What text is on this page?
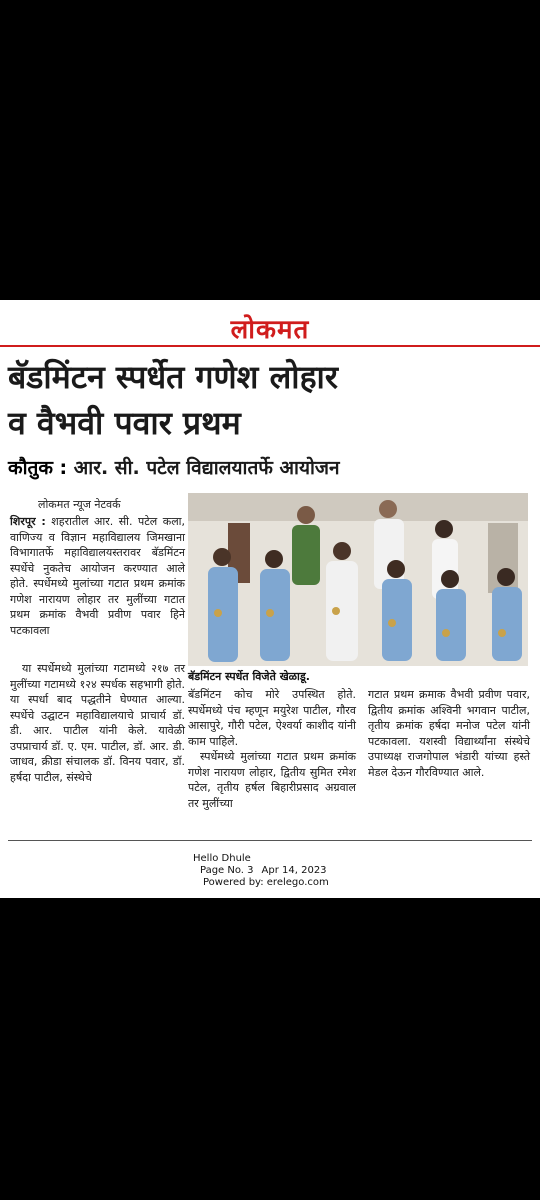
लोकमत
बॅडमिंटन स्पर्धेत गणेश लोहार
व वैभवी पवार प्रथम
कौतुक : आर. सी. पटेल विद्यालयातर्फे आयोजन
लोकमत न्यूज नेटवर्क
शिरपूर : शहरातील आर. सी. पटेल कला, वाणिज्य व विज्ञान महाविद्यालय जिमखाना विभागातर्फे महाविद्यालयस्तरावर बॅडमिंटन स्पर्धेचे नुकतेच आयोजन करण्यात आले होते. स्पर्धेमध्ये मुलांच्या गटात प्रथम क्रमांक गणेश नारायण लोहार तर मुलींच्या गटात प्रथम क्रमांक वैभवी प्रवीण पवार हिने पटकावला
या स्पर्धेमध्ये मुलांच्या गटामध्ये २१७ तर मुलींच्या गटामध्ये १२४ स्पर्धक सहभागी होते. या स्पर्धा बाद पद्धतीने घेण्यात आल्या. स्पर्धेचे उद्घाटन महाविद्यालयाचे प्राचार्य डॉ. डी. आर. पाटील यांनी केले. यावेळी उपप्राचार्य डॉ. ए. एम. पाटील, डॉ. आर. डी. जाधव, क्रीडा संचालक डॉ. विनय पवार, डॉ. हर्षदा पाटील, संस्थेचे
बॅडमिंटन स्पर्धेत विजेते खेळाडू.
बॅडमिंटन कोच मोरे उपस्थित होते. स्पर्धेमध्ये पंच म्हणून मयुरेश पाटील, गौरव आसापुरे, गौरी पटेल, ऐश्वर्या काशीद यांनी काम पाहिले.
स्पर्धेमध्ये मुलांच्या गटात प्रथम क्रमांक गणेश नारायण लोहार, द्वितीय सुमित रमेश पटेल, तृतीय हर्षल बिहारीप्रसाद अग्रवाल तर मुलींच्या
गटात प्रथम क्रमाक वैभवी प्रवीण पवार, द्वितीय क्रमांक अश्विनी भगवान पाटील, तृतीय क्रमांक हर्षदा मनोज पटेल यांनी पटकावला. यशस्वी विद्यार्थ्यांना संस्थेचे उपाध्यक्ष राजगोपाल भंडारी यांच्या हस्ते मेडल देऊन गौरविण्यात आले.
Hello Dhule
Page No. 3 Apr 14, 2023
Powered by: erelego.com
